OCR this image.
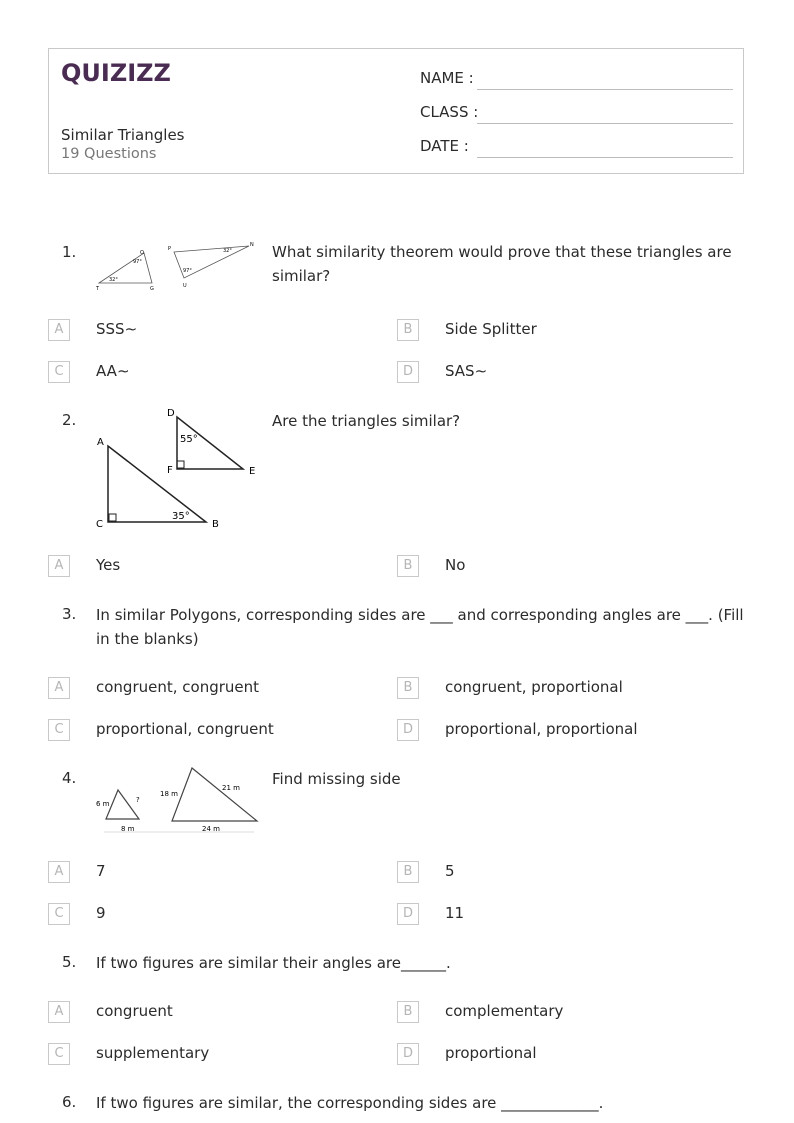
QUIZIZZ
Similar Triangles
19 Questions
NAME :
CLASS :
DATE :
1.	O
P
N
97°
32°
97°
32°
T	G	U
What similarity theorem would prove that these triangles are similar?
A	SSS∼	B	Side Splitter
C	AA∼	D	SAS∼
2.	D
55°
F	E
A
C
35°
B
Are the triangles similar?
A	Yes	B	No
3. In similar Polygons, corresponding sides are ___ and corresponding angles are ___. (Fill in the blanks)
A	congruent, congruent	B	congruent, proportional
C	proportional, congruent	D	proportional, proportional
4.
6 m	?
8 m
18 m
21 m
24 m
Find missing side
A	7	B	5
C	9	D	11
5. If two figures are similar their angles are______.
A	congruent	B	complementary
C	supplementary	D	proportional
6. If two figures are similar, the corresponding sides are _____________.
